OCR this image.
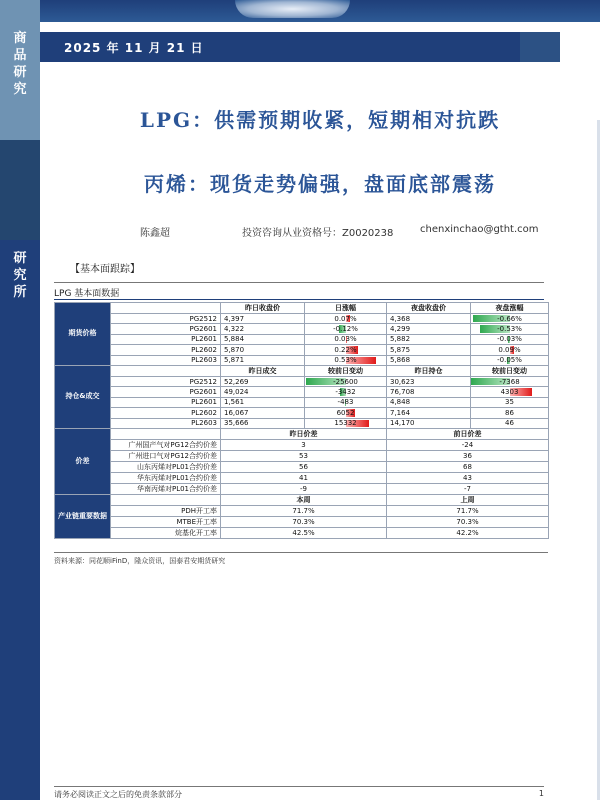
商
品
研
究
研
究
所
2025 年 11 月 21 日
LPG：供需预期收紧，短期相对抗跌
丙烯：现货走势偏强，盘面底部震荡
陈鑫超	投资咨询从业资格号：Z0020238	chenxinchao@gtht.com
【基本面跟踪】
LPG 基本面数据
期货价格		昨日收盘价	日涨幅	夜盘收盘价	夜盘涨幅
	PG2512	4,397	0.07%	4,368	-0.66%
	PG2601	4,322	-0.12%	4,299	-0.53%
	PL2601	5,884	0.03%	5,882	-0.03%
	PL2602	5,870	0.22%	5,875	0.09%
	PL2603	5,871	0.53%	5,868	-0.05%
持仓&成交		昨日成交	较前日变动	昨日持仓	较前日变动
	PG2512	52,269	-25600	30,623	-7368
	PG2601	49,024	-3432	76,708	4303
	PL2601	1,561	-483	4,848	35
	PL2602	16,067	6052	7,164	86
	PL2603	35,666	15332	14,170	46
价差		昨日价差		前日价差	
	广州国产气对PG12合约价差	3		-24	
	广州进口气对PG12合约价差	53		36	
	山东丙烯对PL01合约价差	56		68	
	华东丙烯对PL01合约价差	41		43	
	华南丙烯对PL01合约价差	-9		-7	
产业链重要数据		本周		上周	
	PDH开工率	71.7%		71.7%	
	MTBE开工率	70.3%		70.3%	
	烷基化开工率	42.5%		42.2%	
资料来源：同花顺iFinD，隆众资讯，国泰君安期货研究
请务必阅读正文之后的免责条款部分	1
